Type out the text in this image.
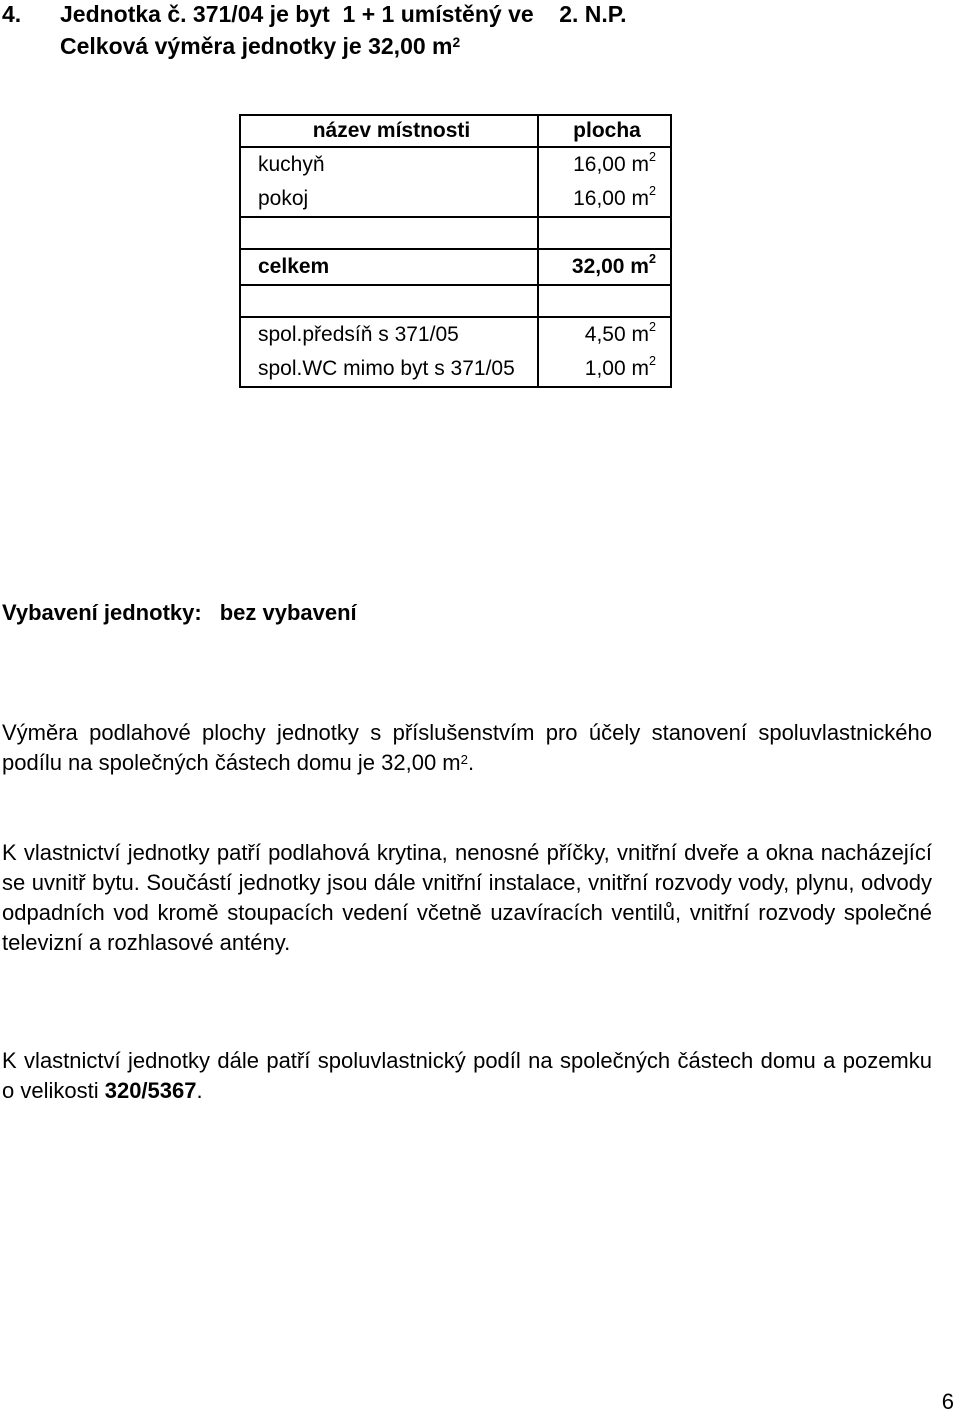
4. Jednotka č. 371/04 je byt  1 + 1 umístěný ve    2. N.P.
Celková výměra jednotky je 32,00 $m^2$
název místnosti	plocha
kuchyň	16,00 $m^2$
pokoj	16,00 $m^2$

celkem	32,00 $m^2$

spol.předsíň s 371/05	4,50 $m^2$
spol.WC mimo byt s 371/05	1,00 $m^2$
Vybavení jednotky: bez vybavení
Výměra podlahové plochy jednotky s příslušenstvím pro účely stanovení spoluvlastnického podílu na společných částech domu je 32,00 $m^2$.
K vlastnictví jednotky patří podlahová krytina, nenosné příčky, vnitřní dveře a okna nacházející se uvnitř bytu. Součástí jednotky jsou dále vnitřní instalace, vnitřní rozvody vody, plynu, odvody odpadních vod kromě stoupacích vedení včetně uzavíracích ventilů, vnitřní rozvody společné televizní a rozhlasové antény.
K vlastnictví jednotky dále patří spoluvlastnický podíl na společných částech domu a pozemku o velikosti 320/5367.
6
